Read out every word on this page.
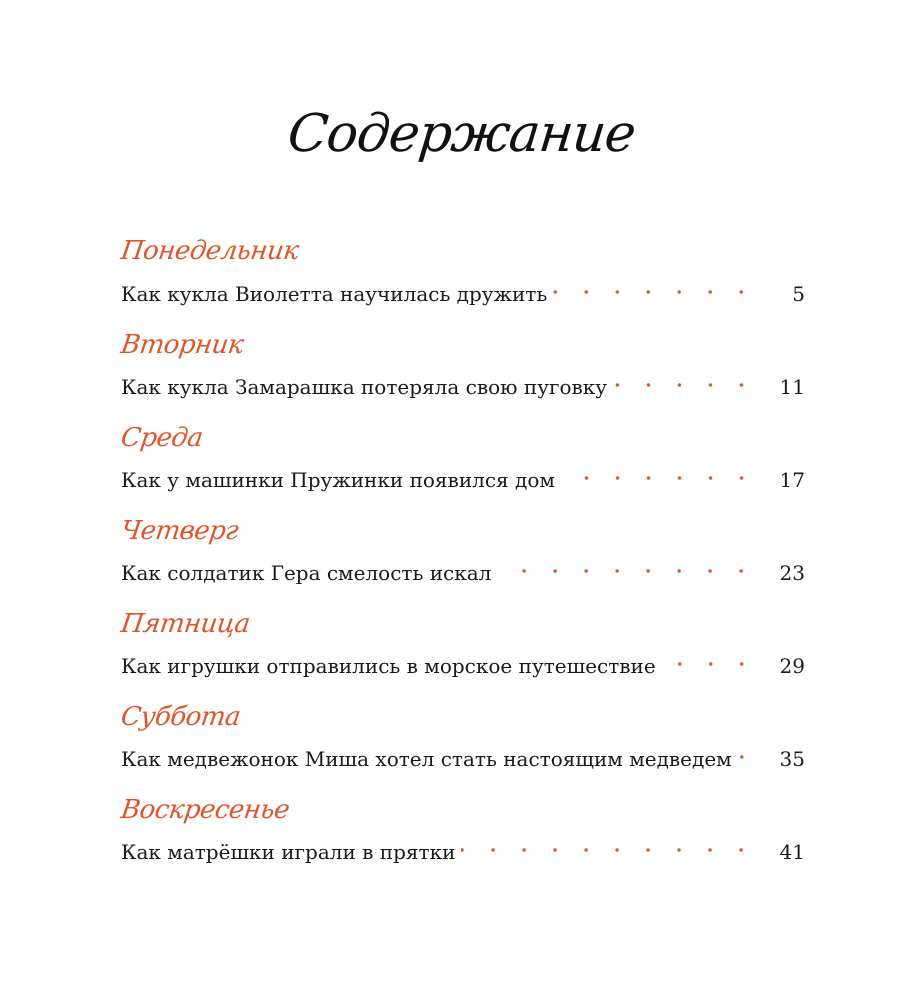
Содержание
Понедельник
Как кукла Виолетта научилась дружить	5
Вторник
Как кукла Замарашка потеряла свою пуговку	11
Среда
Как у машинки Пружинки появился дом	17
Четверг
Как солдатик Гера смелость искал	23
Пятница
Как игрушки отправились в морское путешествие	29
Суббота
Как медвежонок Миша хотел стать настоящим медведем	35
Воскресенье
Как матрёшки играли в прятки	41
